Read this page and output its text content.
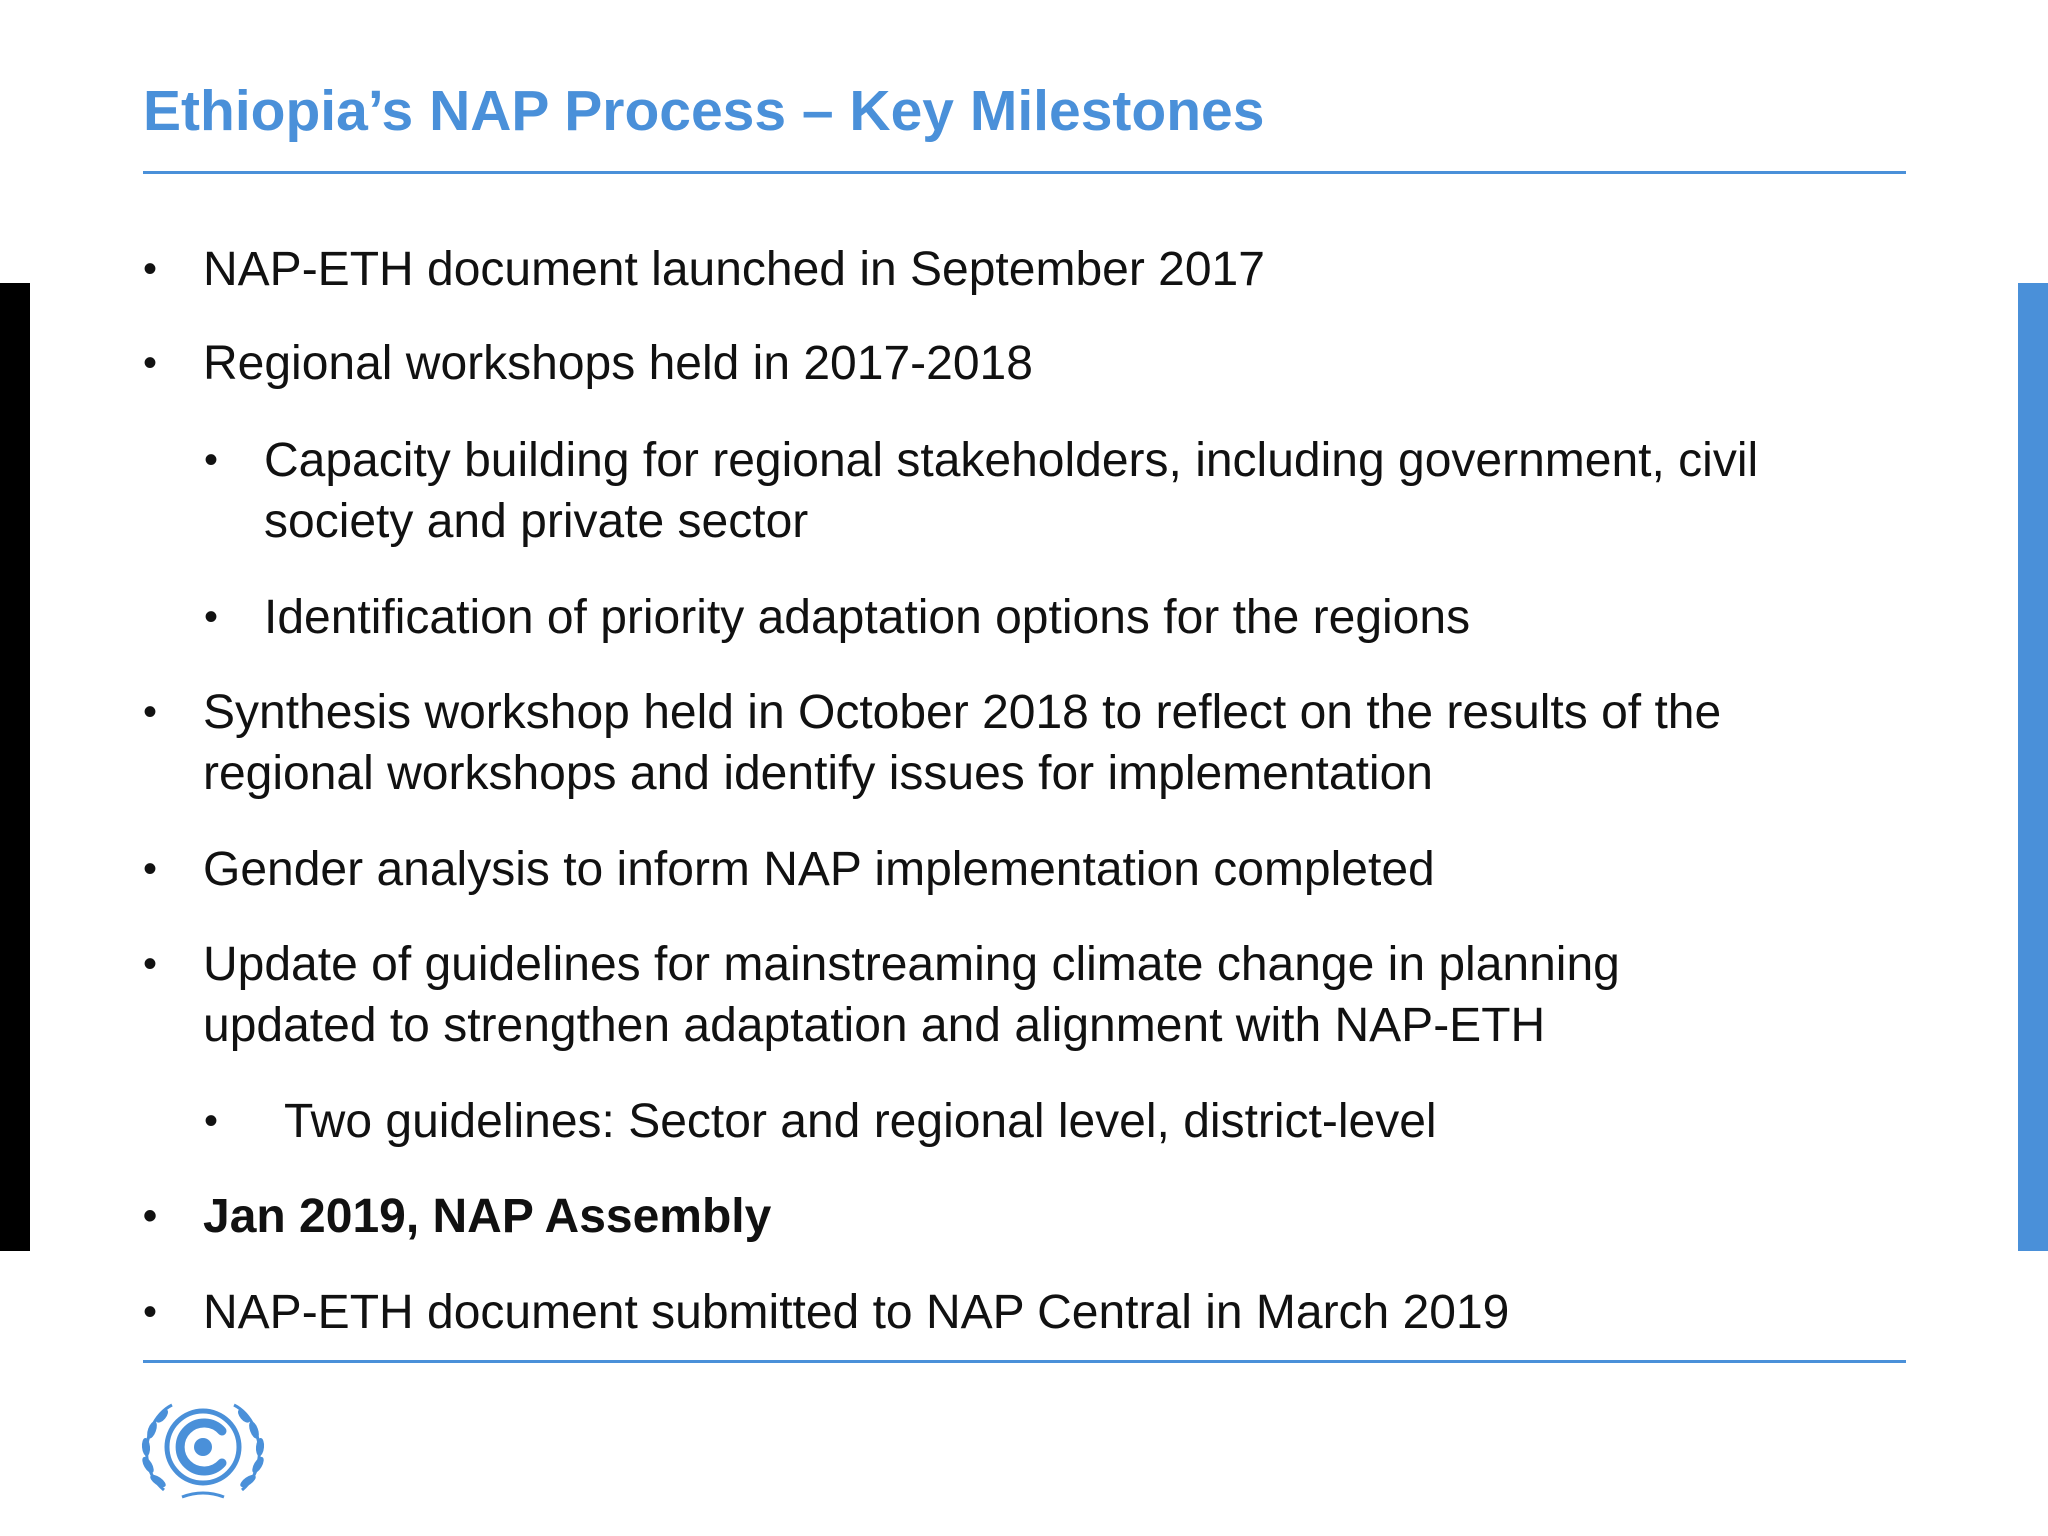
Ethiopia’s NAP Process – Key Milestones
• NAP-ETH document launched in September 2017
• Regional workshops held in 2017-2018
• Capacity building for regional stakeholders, including government, civil society and private sector
• Identification of priority adaptation options for the regions
• Synthesis workshop held in October 2018 to reflect on the results of the regional workshops and identify issues for implementation
• Gender analysis to inform NAP implementation completed
• Update of guidelines for mainstreaming climate change in planning updated to strengthen adaptation and alignment with NAP-ETH
• Two guidelines: Sector and regional level, district-level
• Jan 2019, NAP Assembly
• NAP-ETH document submitted to NAP Central in March 2019
